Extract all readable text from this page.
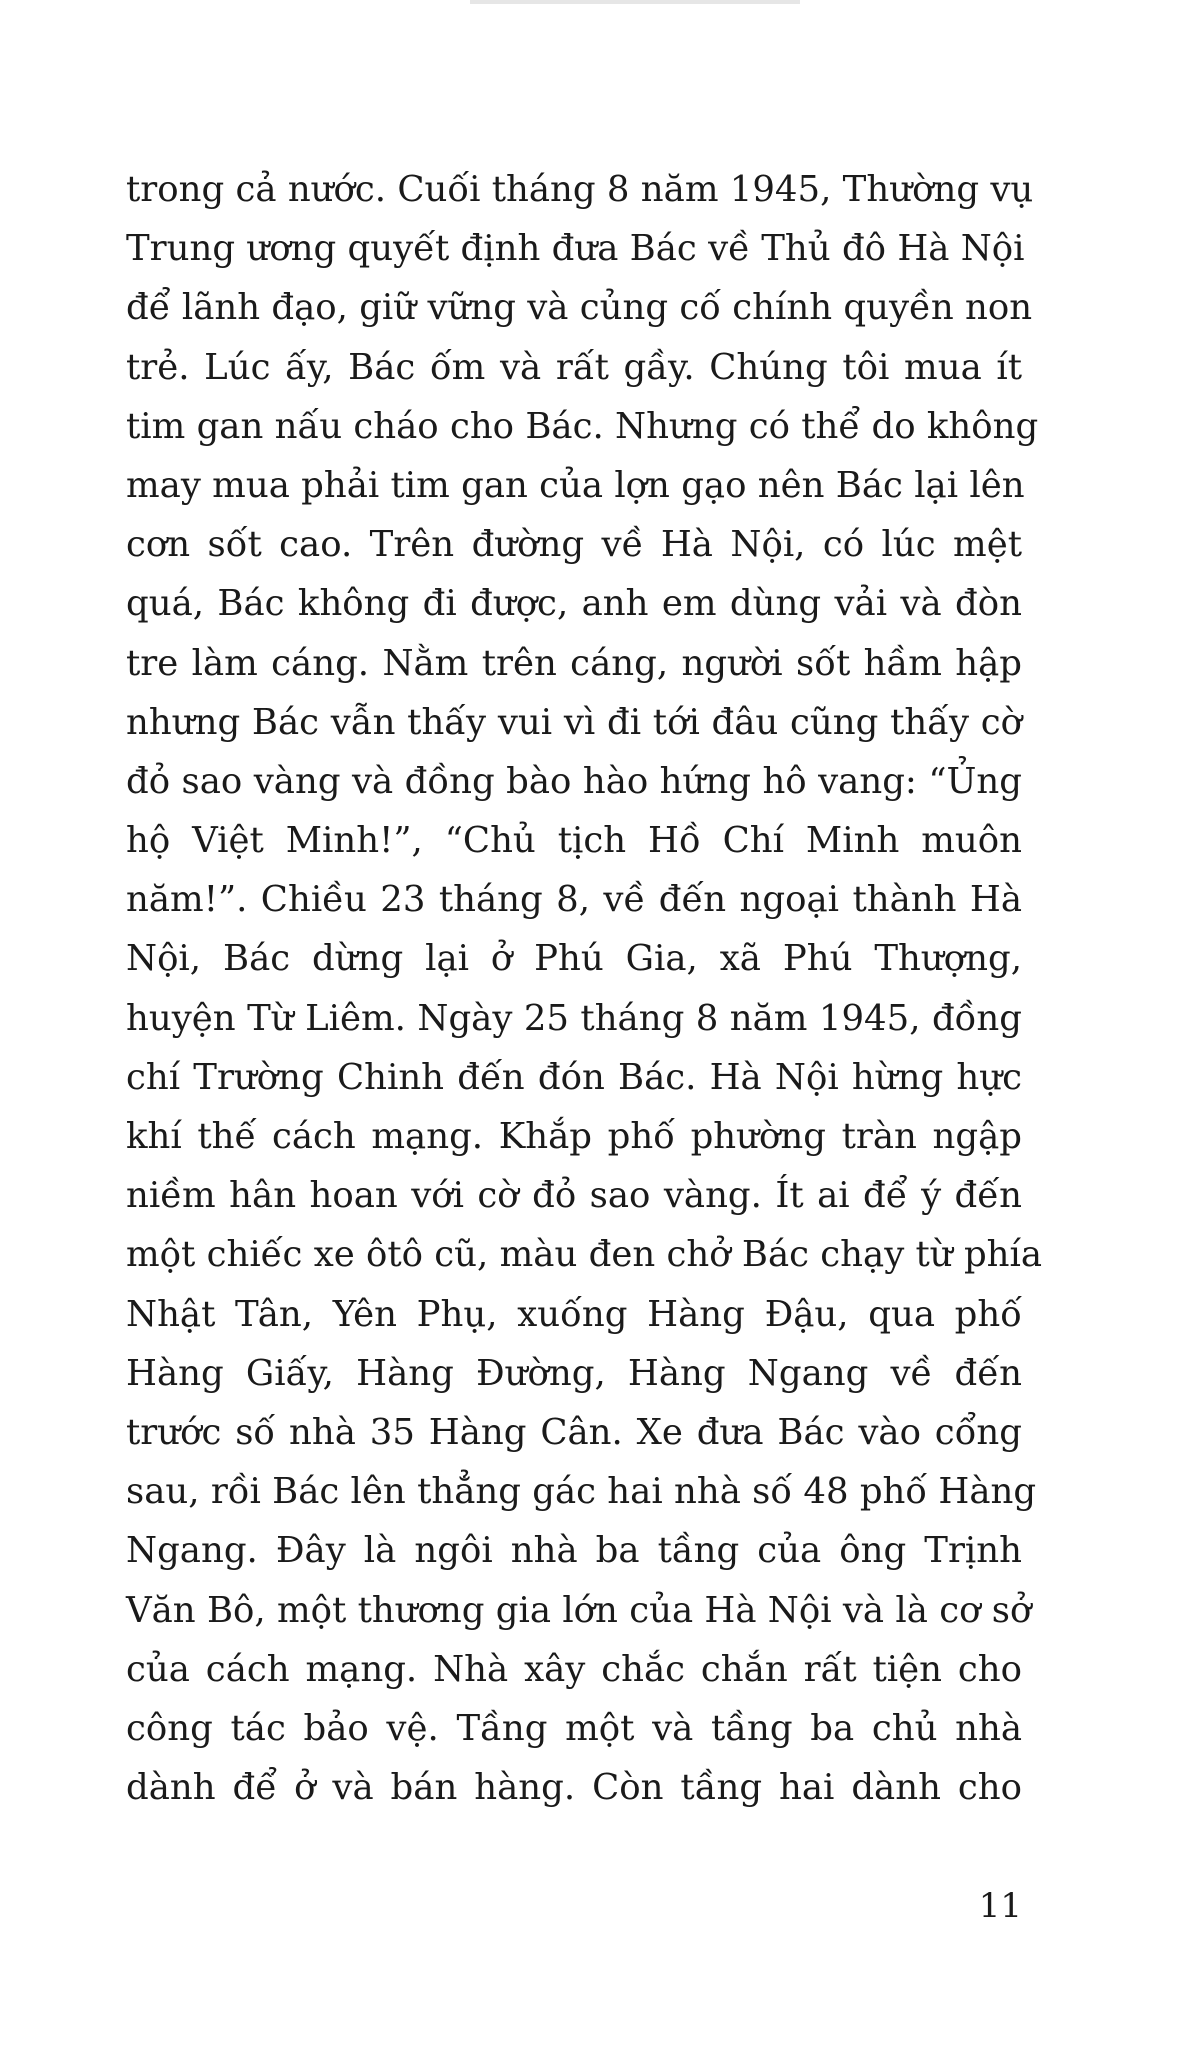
trong cả nước. Cuối tháng 8 năm 1945, Thường vụ
Trung ương quyết định đưa Bác về Thủ đô Hà Nội
để lãnh đạo, giữ vững và củng cố chính quyền non
trẻ. Lúc ấy, Bác ốm và rất gầy. Chúng tôi mua ít
tim gan nấu cháo cho Bác. Nhưng có thể do không
may mua phải tim gan của lợn gạo nên Bác lại lên
cơn sốt cao. Trên đường về Hà Nội, có lúc mệt
quá, Bác không đi được, anh em dùng vải và đòn
tre làm cáng. Nằm trên cáng, người sốt hầm hập
nhưng Bác vẫn thấy vui vì đi tới đâu cũng thấy cờ
đỏ sao vàng và đồng bào hào hứng hô vang: “Ủng
hộ Việt Minh!”, “Chủ tịch Hồ Chí Minh muôn
năm!”. Chiều 23 tháng 8, về đến ngoại thành Hà
Nội, Bác dừng lại ở Phú Gia, xã Phú Thượng,
huyện Từ Liêm. Ngày 25 tháng 8 năm 1945, đồng
chí Trường Chinh đến đón Bác. Hà Nội hừng hực
khí thế cách mạng. Khắp phố phường tràn ngập
niềm hân hoan với cờ đỏ sao vàng. Ít ai để ý đến
một chiếc xe ôtô cũ, màu đen chở Bác chạy từ phía
Nhật Tân, Yên Phụ, xuống Hàng Đậu, qua phố
Hàng Giấy, Hàng Đường, Hàng Ngang về đến
trước số nhà 35 Hàng Cân. Xe đưa Bác vào cổng
sau, rồi Bác lên thẳng gác hai nhà số 48 phố Hàng
Ngang. Đây là ngôi nhà ba tầng của ông Trịnh
Văn Bô, một thương gia lớn của Hà Nội và là cơ sở
của cách mạng. Nhà xây chắc chắn rất tiện cho
công tác bảo vệ. Tầng một và tầng ba chủ nhà
dành để ở và bán hàng. Còn tầng hai dành cho
11
